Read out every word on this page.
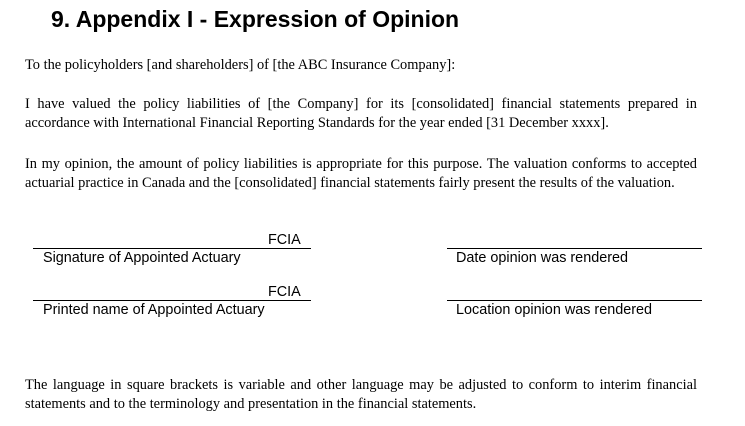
9. Appendix I - Expression of Opinion

To the policyholders [and shareholders] of [the ABC Insurance Company]:

I have valued the policy liabilities of [the Company] for its [consolidated] financial statements prepared in accordance with International Financial Reporting Standards for the year ended [31 December xxxx].

In my opinion, the amount of policy liabilities is appropriate for this purpose. The valuation conforms to accepted actuarial practice in Canada and the [consolidated] financial statements fairly present the results of the valuation.

FCIA
Signature of Appointed Actuary	Date opinion was rendered
FCIA
Printed name of Appointed Actuary	Location opinion was rendered

The language in square brackets is variable and other language may be adjusted to conform to interim financial statements and to the terminology and presentation in the financial statements.
